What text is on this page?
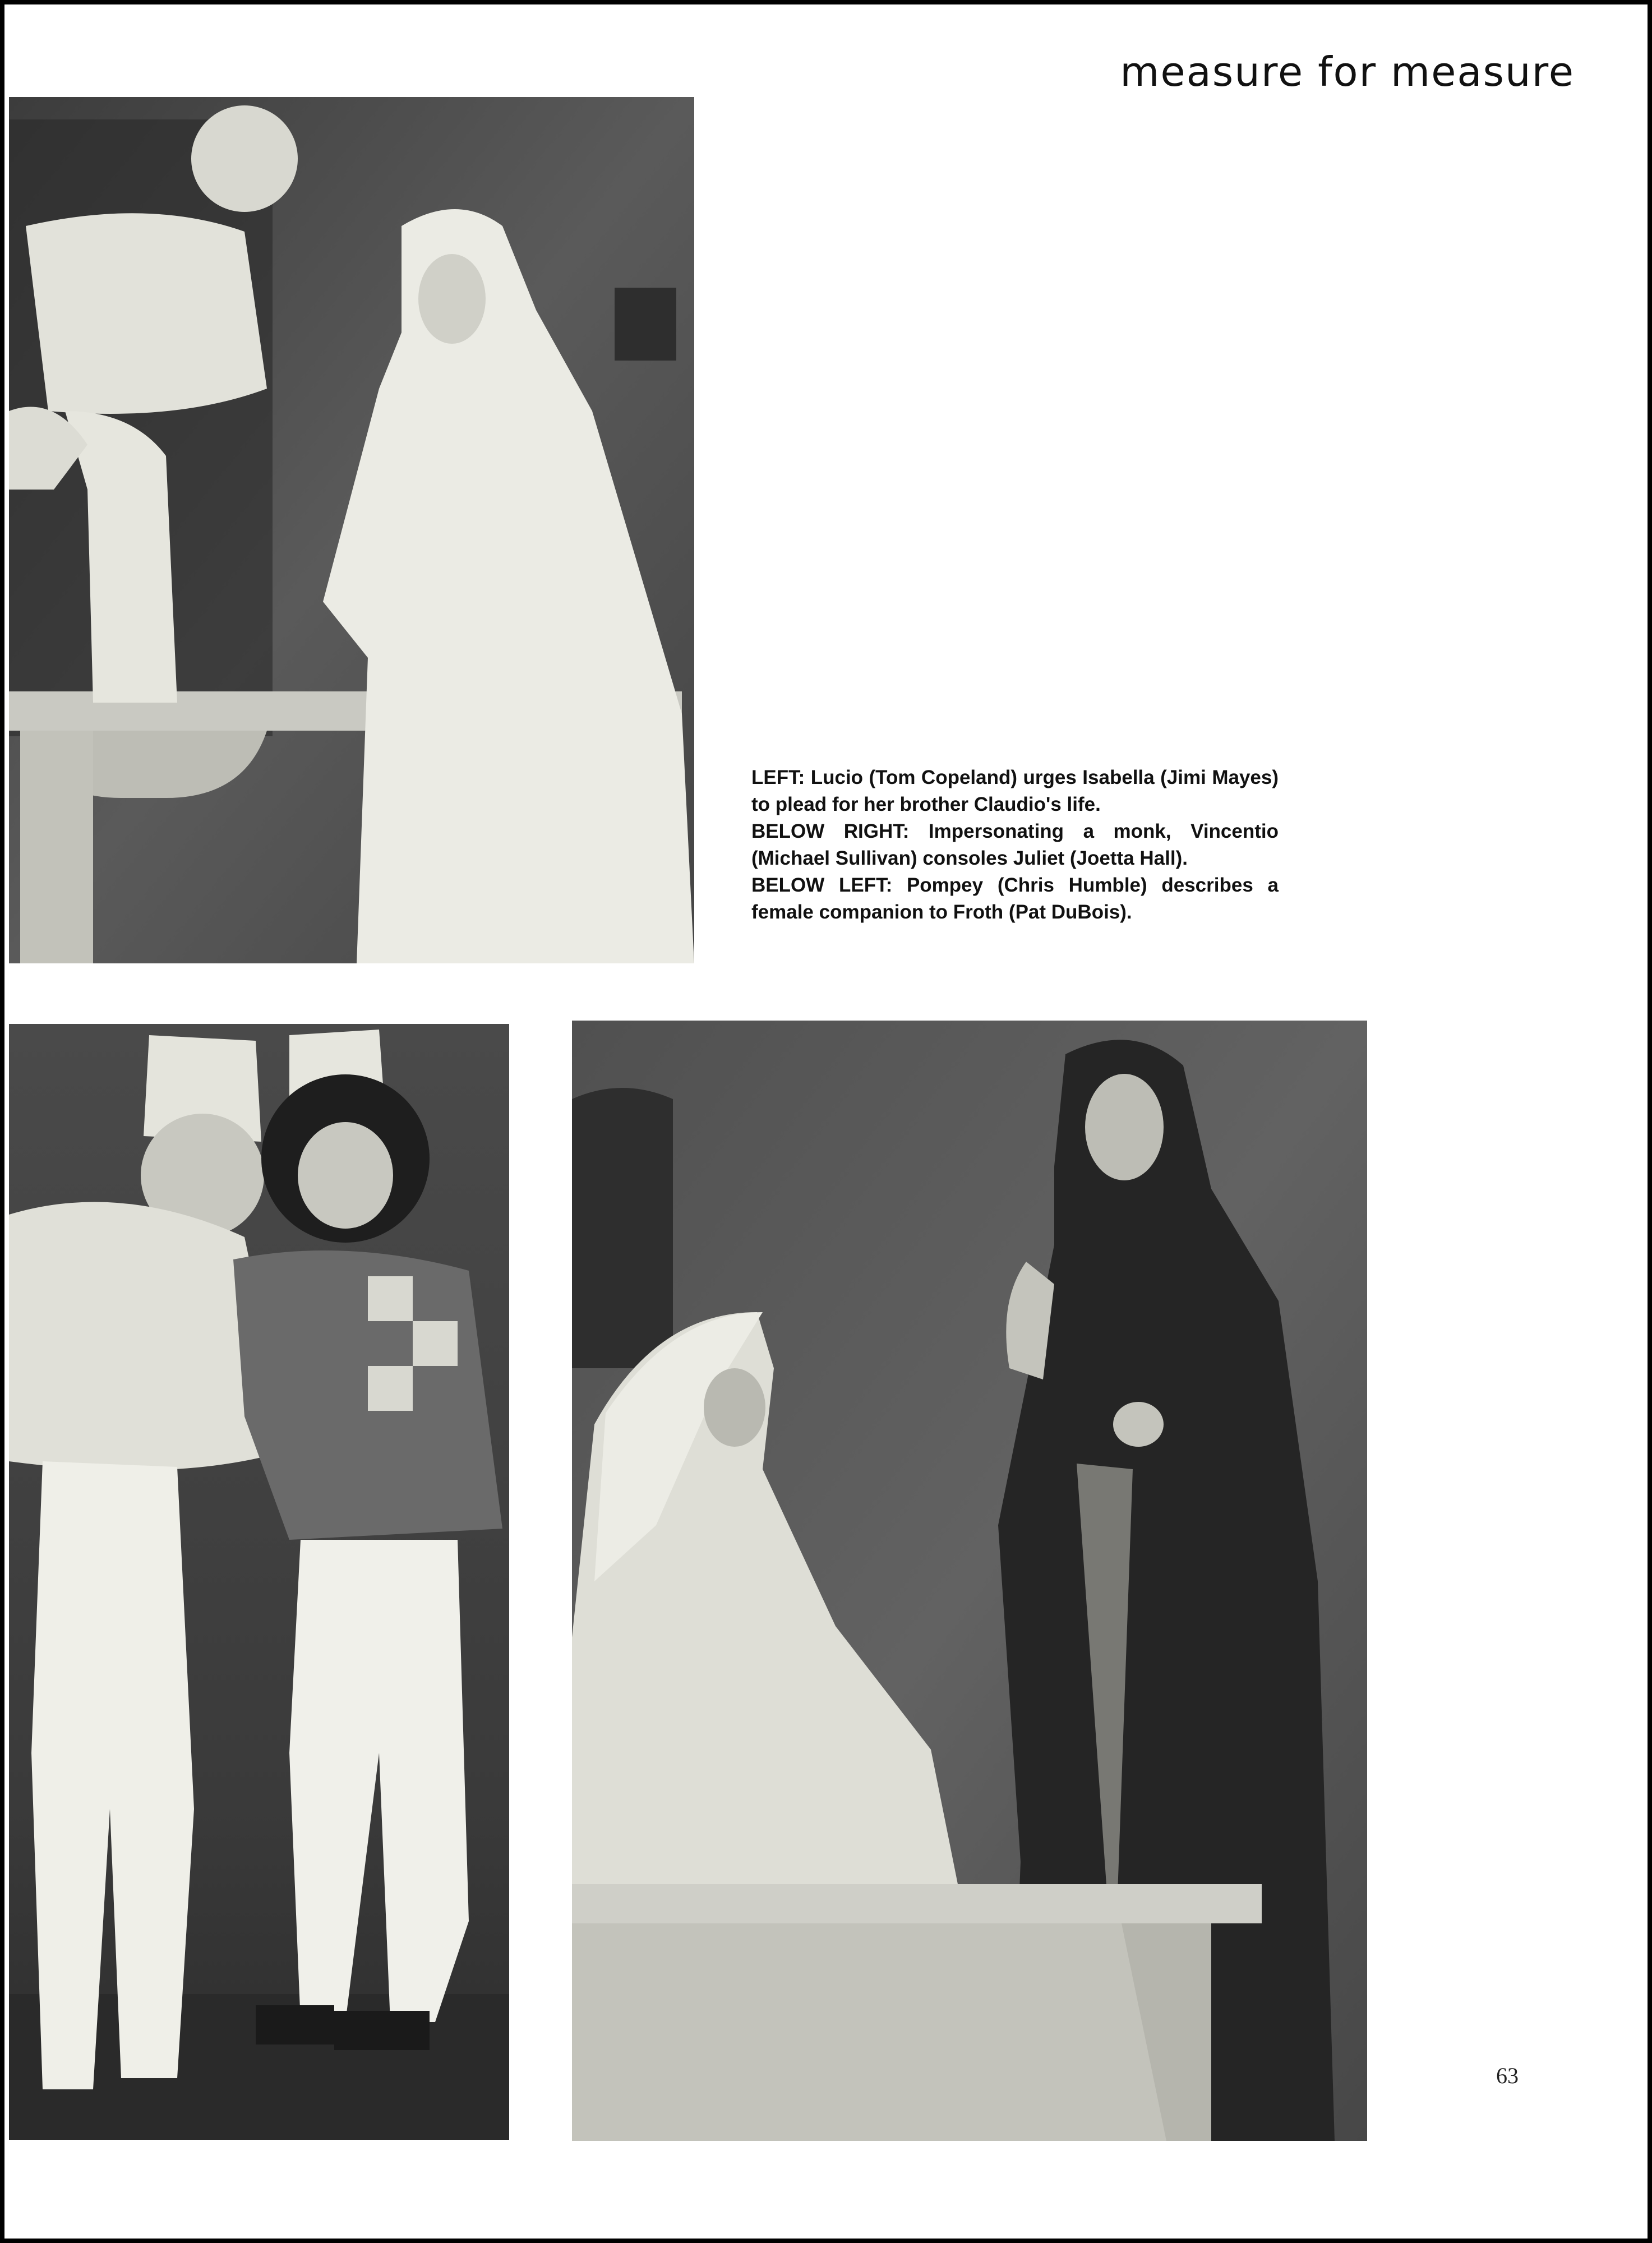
measure for measure

LEFT: Lucio (Tom Copeland) urges Isabella (Jimi Mayes) to plead for her brother Claudio's life.

BELOW RIGHT: Impersonating a monk, Vincentio (Michael Sullivan) consoles Juliet (Joetta Hall).

BELOW LEFT: Pompey (Chris Humble) describes a female companion to Froth (Pat DuBois).

63
